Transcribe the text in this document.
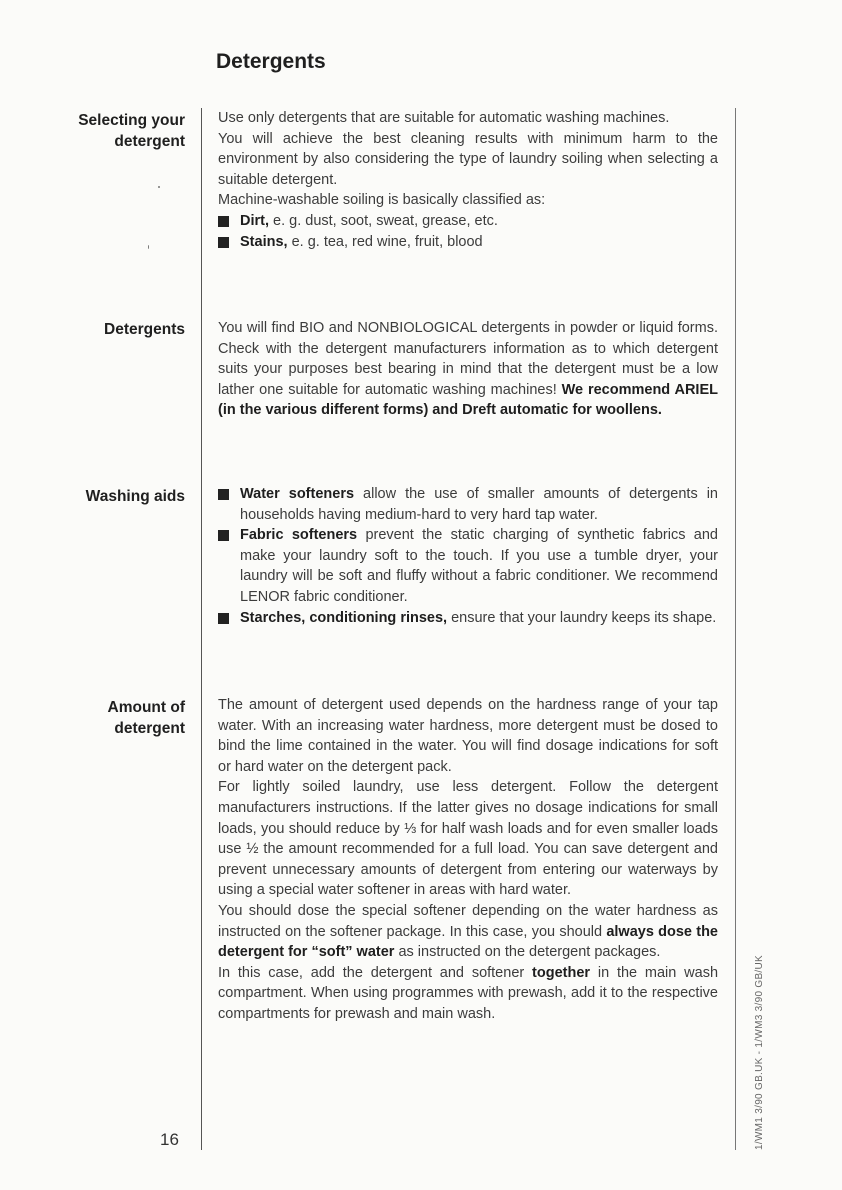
Detergents
Selecting your
detergent

Use only detergents that are suitable for automatic washing machines.

You will achieve the best cleaning results with minimum harm to the environment by also considering the type of laundry soiling when selecting a suitable detergent.

Machine-washable soiling is basically classified as:

Dirt, e. g. dust, soot, sweat, grease, etc.
Stains, e. g. tea, red wine, fruit, blood
Detergents You will find BIO and NONBIOLOGICAL detergents in powder or liquid forms. Check with the detergent manufacturers information as to which detergent suits your purposes best bearing in mind that the detergent must be a low lather one suitable for automatic washing machines! We recommend ARIEL (in the various different forms) and Dreft automatic for woollens.

Washing aids	Water softeners allow the use of smaller amounts of detergents in households having medium-hard to very hard tap water.
Fabric softeners prevent the static charging of synthetic fabrics and make your laundry soft to the touch. If you use a tumble dryer, your laundry will be soft and fluffy without a fabric conditioner. We recommend LENOR fabric conditioner.
Starches, conditioning rinses, ensure that your laundry keeps its shape.
Amount of
detergent

The amount of detergent used depends on the hardness range of your tap water. With an increasing water hardness, more detergent must be dosed to bind the lime contained in the water. You will find dosage indications for soft or hard water on the detergent pack.

For lightly soiled laundry, use less detergent. Follow the detergent manufacturers instructions. If the latter gives no dosage indications for small loads, you should reduce by ⅓ for half wash loads and for even smaller loads use ½ the amount recommended for a full load. You can save detergent and prevent unnecessary amounts of detergent from entering our waterways by using a special water softener in areas with hard water.

You should dose the special softener depending on the water hardness as instructed on the softener package. In this case, you should always dose the detergent for “soft” water as instructed on the detergent packages.

In this case, add the detergent and softener together in the main wash compartment. When using programmes with prewash, add it to the respective compartments for prewash and main wash.

16	1/WM1 3/90 GB.UK - 1/WM3 3/90 GB/UK
